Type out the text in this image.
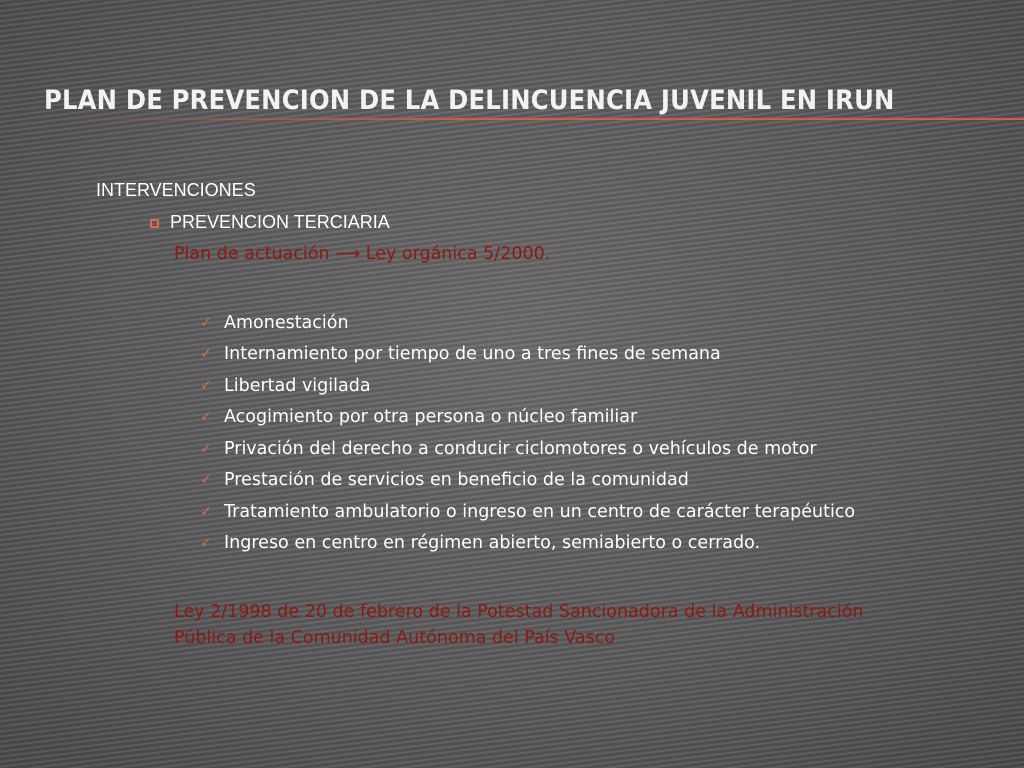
PLAN DE PREVENCION DE LA DELINCUENCIA JUVENIL EN IRUN
INTERVENCIONES
PREVENCION TERCIARIA
Plan de actuación ⟶ Ley orgánica 5/2000.
✓ Amonestación
✓ Internamiento por tiempo de uno a tres fines de semana
✓ Libertad vigilada
✓ Acogimiento por otra persona o núcleo familiar
✓ Privación del derecho a conducir ciclomotores o vehículos de motor
✓ Prestación de servicios en beneficio de la comunidad
✓ Tratamiento ambulatorio o ingreso en un centro de carácter terapéutico
✓ Ingreso en centro en régimen abierto, semiabierto o cerrado.
Ley 2/1998 de 20 de febrero de la Potestad Sancionadora de la Administración
Pública de la Comunidad Autónoma del País Vasco
